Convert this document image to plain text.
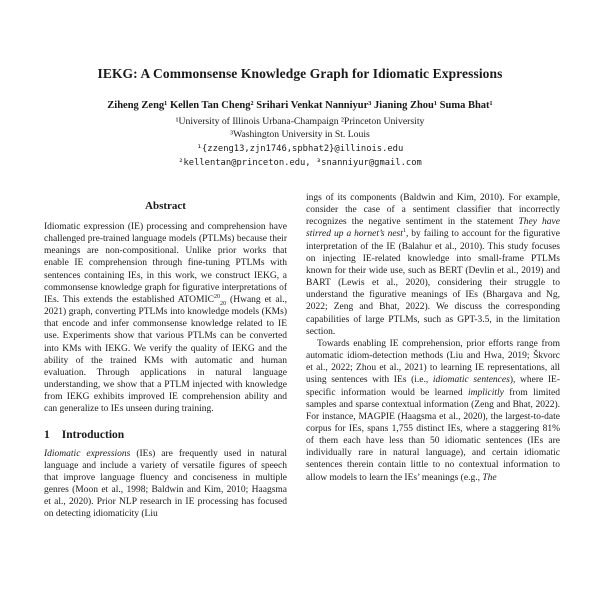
IEKG: A Commonsense Knowledge Graph for Idiomatic Expressions
Ziheng Zeng¹ Kellen Tan Cheng² Srihari Venkat Nanniyur³ Jianing Zhou¹ Suma Bhat¹
¹University of Illinois Urbana-Champaign ²Princeton University
³Washington University in St. Louis
¹{zzeng13,zjn1746,spbhat2}@illinois.edu
²kellentan@princeton.edu, ³snanniyur@gmail.com
Abstract

Idiomatic expression (IE) processing and comprehension have challenged pre-trained language models (PTLMs) because their meanings are non-compositional. Unlike prior works that enable IE comprehension through fine-tuning PTLMs with sentences containing IEs, in this work, we construct IEKG, a commonsense knowledge graph for figurative interpretations of IEs. This extends the established $ATOMIC^{20}_{20}$ (Hwang et al., 2021) graph, converting PTLMs into knowledge models (KMs) that encode and infer commonsense knowledge related to IE use. Experiments show that various PTLMs can be converted into KMs with IEKG. We verify the quality of IEKG and the ability of the trained KMs with automatic and human evaluation. Through applications in natural language understanding, we show that a PTLM injected with knowledge from IEKG exhibits improved IE comprehension ability and can generalize to IEs unseen during training.

1 Introduction

Idiomatic expressions (IEs) are frequently used in natural language and include a variety of versatile figures of speech that improve language fluency and conciseness in multiple genres (Moon et al., 1998; Baldwin and Kim, 2010; Haagsma et al., 2020). Prior NLP research in IE processing has focused on detecting idiomaticity (Liu

ings of its components (Baldwin and Kim, 2010). For example, consider the case of a sentiment classifier that incorrectly recognizes the negative sentiment in the statement They have stirred up a hornet’s nest$^1$, by failing to account for the figurative interpretation of the IE (Balahur et al., 2010). This study focuses on injecting IE-related knowledge into small-frame PTLMs known for their wide use, such as BERT (Devlin et al., 2019) and BART (Lewis et al., 2020), considering their struggle to understand the figurative meanings of IEs (Bhargava and Ng, 2022; Zeng and Bhat, 2022). We discuss the corresponding capabilities of large PTLMs, such as GPT-3.5, in the limitation section.

Towards enabling IE comprehension, prior efforts range from automatic idiom-detection methods (Liu and Hwa, 2019; Škvorc et al., 2022; Zhou et al., 2021) to learning IE representations, all using sentences with IEs (i.e., idiomatic sentences), where IE-specific information would be learned implicitly from limited samples and sparse contextual information (Zeng and Bhat, 2022). For instance, MAGPIE (Haagsma et al., 2020), the largest-to-date corpus for IEs, spans 1,755 distinct IEs, where a staggering 81% of them each have less than 50 idiomatic sentences (IEs are individually rare in natural language), and certain idiomatic sentences therein contain little to no contextual information to allow models to learn the IEs’ meanings (e.g., The
